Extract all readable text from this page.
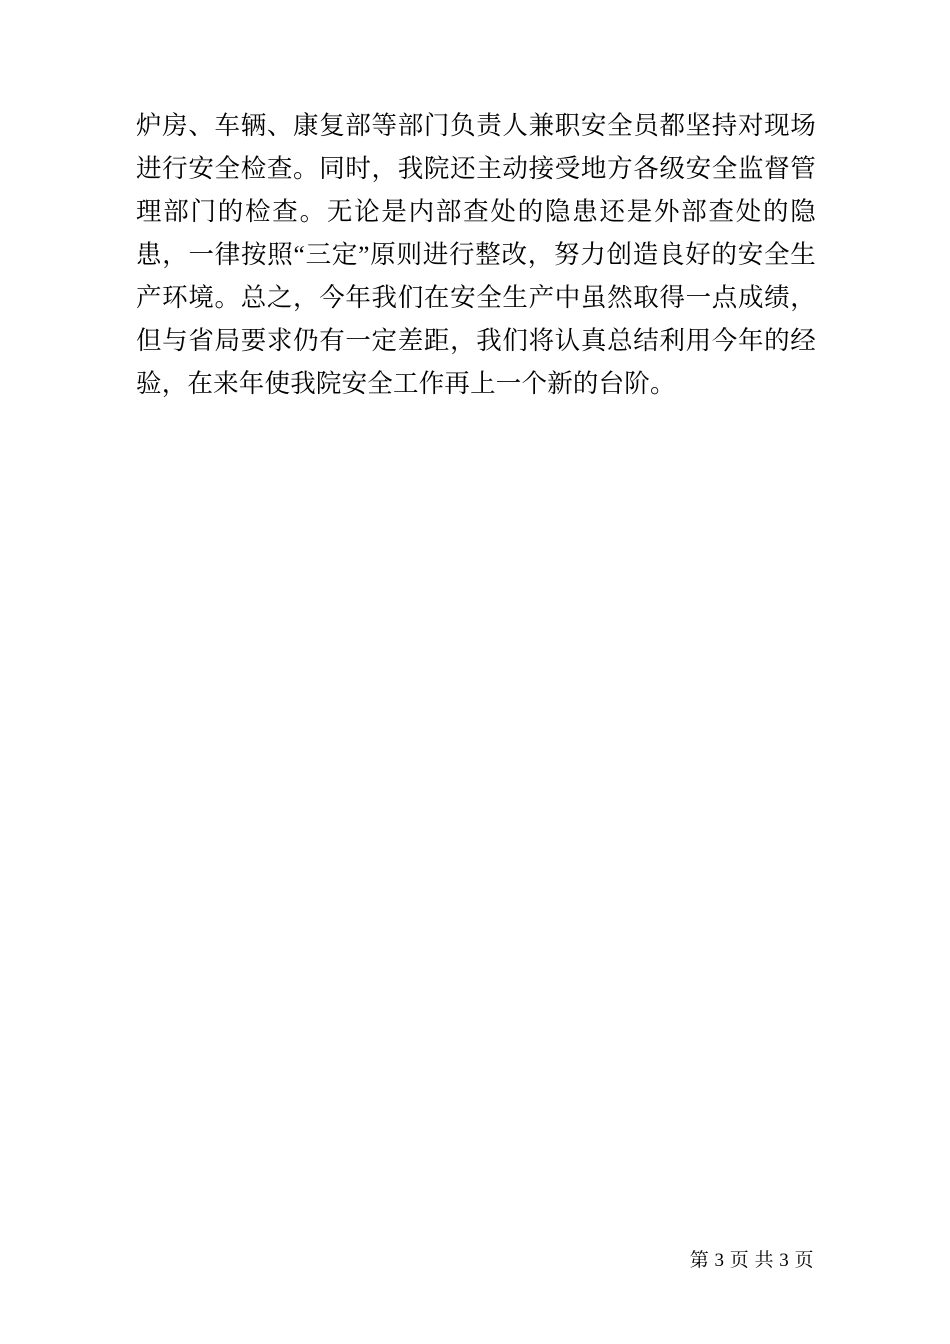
炉房、车辆、康复部等部门负责人兼职安全员都坚持对现场进行安全检查。同时，我院还主动接受地方各级安全监督管理部门的检查。无论是内部查处的隐患还是外部查处的隐患，一律按照“三定”原则进行整改，努力创造良好的安全生产环境。总之，今年我们在安全生产中虽然取得一点成绩，但与省局要求仍有一定差距，我们将认真总结利用今年的经验，在来年使我院安全工作再上一个新的台阶。

第 3 页 共 3 页
